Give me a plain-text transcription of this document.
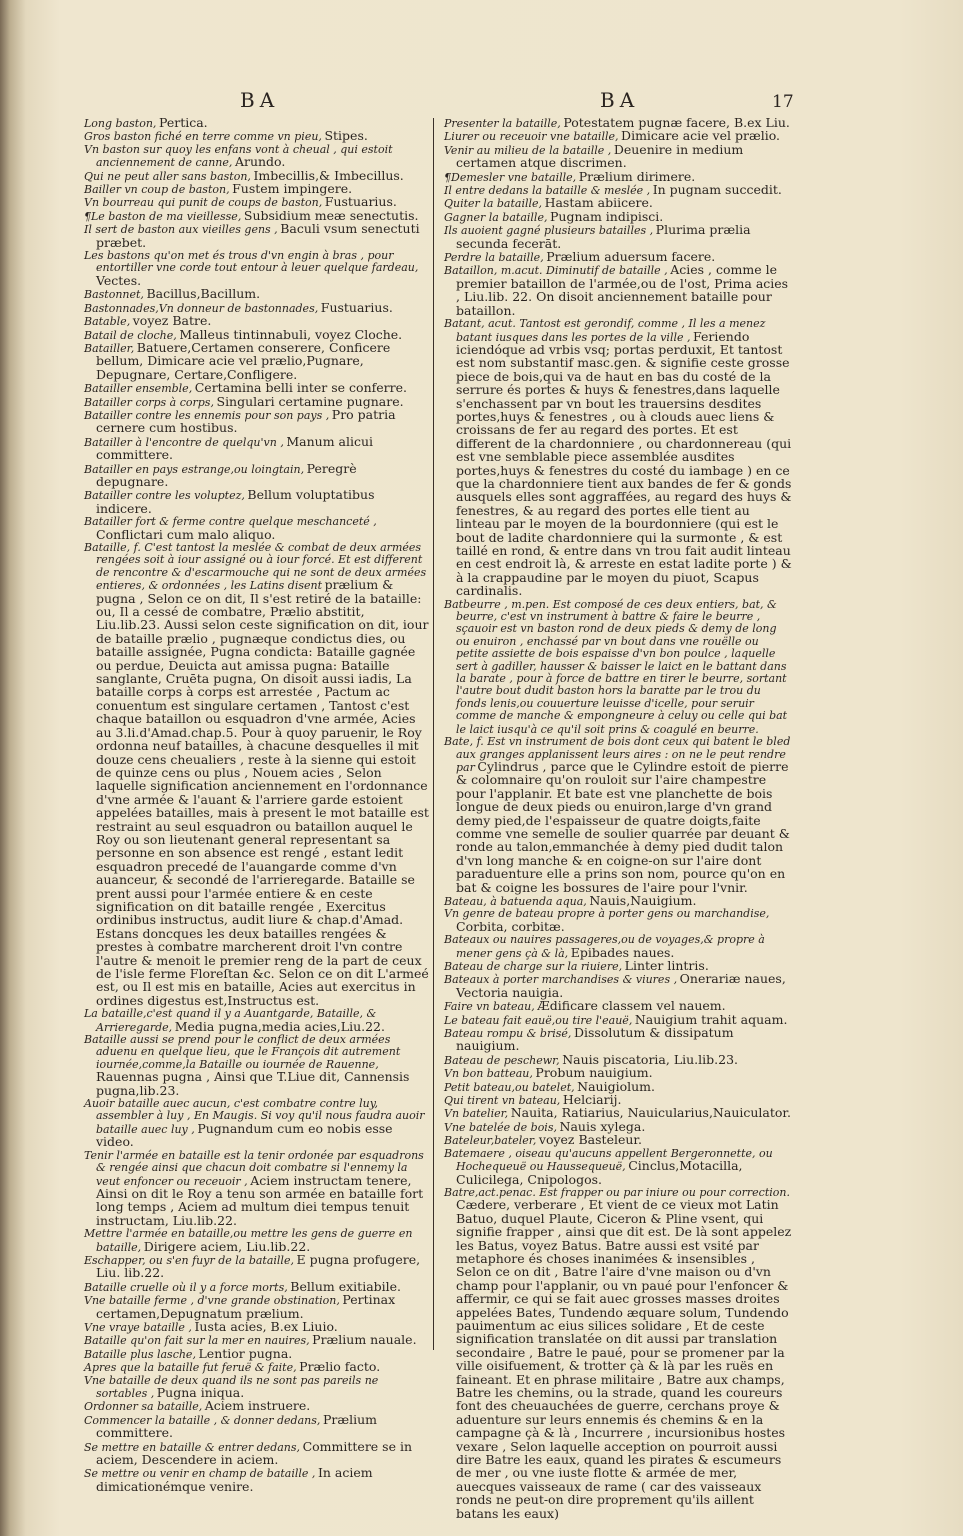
BA	BA	17

Long baston, Pertica.

Gros baston fiché en terre comme vn pieu, Stipes.

Vn baston sur quoy les enfans vont à cheual , qui estoit anciennement de canne, Arundo.

Qui ne peut aller sans baston, Imbecillis,& Imbecillus.

Bailler vn coup de baston, Fustem impingere.

Vn bourreau qui punit de coups de baston, Fustuarius.

¶Le baston de ma vieillesse, Subsidium meæ senectutis.

Il sert de baston aux vieilles gens , Baculi vsum senectuti præbet.

Les bastons qu'on met és trous d'vn engin à bras , pour entortiller vne corde tout entour à leuer quelque fardeau, Vectes.

Bastonnet, Bacillus,Bacillum.

Bastonnades,Vn donneur de bastonnades, Fustuarius.

Batable, voyez Batre.

Batail de cloche, Malleus tintinnabuli, voyez Cloche.

Batailler, Batuere,Certamen conserere, Conficere bellum, Dimicare acie vel prælio,Pugnare, Depugnare, Certare,Confligere.

Batailler ensemble, Certamina belli inter se conferre.

Batailler corps à corps, Singulari certamine pugnare.

Batailler contre les ennemis pour son pays , Pro patria cernere cum hostibus.

Batailler à l'encontre de quelqu'vn , Manum alicui committere.

Batailler en pays estrange,ou loingtain, Peregrè depugnare.

Batailler contre les voluptez, Bellum voluptatibus indicere.

Batailler fort & ferme contre quelque meschanceté , Conflictari cum malo aliquo.

Bataille, f. C'est tantost la meslée & combat de deux armées rengées soit à iour assigné ou à iour forcé. Et est different de rencontre & d'escarmouche qui ne sont de deux armées entieres, & ordonnées , les Latins disent prælium & pugna , Selon ce on dit, Il s'est retiré de la bataille: ou, Il a cessé de combatre, Prælio abstitit, Liu.lib.23. Aussi selon ceste signification on dit, iour de bataille prælio , pugnæque condictus dies, ou bataille assignée, Pugna condicta: Bataille gagnée ou perdue, Deuicta aut amissa pugna: Bataille sanglante, Cruēta pugna, On disoit aussi iadis, La bataille corps à corps est arrestée , Pactum ac conuentum est singulare certamen , Tantost c'est chaque bataillon ou esquadron d'vne armée, Acies au 3.li.d'Amad.chap.5. Pour à quoy paruenir, le Roy ordonna neuf batailles, à chacune desquelles il mit douze cens cheualiers , reste à la sienne qui estoit de quinze cens ou plus , Nouem acies , Selon laquelle signification anciennement en l'ordonnance d'vne armée & l'auant & l'arriere garde estoient appelées batailles, mais à present le mot bataille est restraint au seul esquadron ou bataillon auquel le Roy ou son lieutenant general representant sa personne en son absence est rengé , estant ledit esquadron precedé de l'auangarde comme d'vn auanceur, & secondé de l'arrieregarde. Bataille se prent aussi pour l'armée entiere & en ceste signification on dit bataille rengée , Exercitus ordinibus instructus, audit liure & chap.d'Amad. Estans doncques les deux batailles rengées & prestes à combatre marcherent droit l'vn contre l'autre & menoit le premier reng de la part de ceux de l'isle ferme Floreſtan &c. Selon ce on dit L'armeé est, ou Il est mis en bataille, Acies aut exercitus in ordines digestus est,Instructus est.

La bataille,c'est quand il y a Auantgarde, Bataille, & Arrieregarde, Media pugna,media acies,Liu.22.

Bataille aussi se prend pour le conflict de deux armées aduenu en quelque lieu, que le François dit autrement iournée,comme,la Bataille ou iournée de Rauenne, Rauennas pugna , Ainsi que T.Liue dit, Cannensis pugna,lib.23.

Auoir bataille auec aucun, c'est combatre contre luy, assembler à luy , En Maugis. Si voy qu'il nous faudra auoir bataille auec luy , Pugnandum cum eo nobis esse video.

Tenir l'armée en bataille est la tenir ordonée par esquadrons & rengée ainsi que chacun doit combatre si l'ennemy la veut enfoncer ou receuoir , Aciem instructam tenere, Ainsi on dit le Roy a tenu son armée en bataille fort long temps , Aciem ad multum diei tempus tenuit instructam, Liu.lib.22.

Mettre l'armée en bataille,ou mettre les gens de guerre en bataille, Dirigere aciem, Liu.lib.22.

Eschapper, ou s'en fuyr de la bataille, E pugna profugere, Liu. lib.22.

Bataille cruelle où il y a force morts, Bellum exitiabile.

Vne bataille ferme , d'vne grande obstination, Pertinax certamen,Depugnatum prælium.

Vne vraye bataille , Iusta acies, B.ex Liuio.

Bataille qu'on fait sur la mer en nauires, Prælium nauale.

Bataille plus lasche, Lentior pugna.

Apres que la bataille fut feruë & faite, Prælio facto.

Vne bataille de deux quand ils ne sont pas pareils ne sortables , Pugna iniqua.

Ordonner sa bataille, Aciem instruere.

Commencer la bataille , & donner dedans, Prælium committere.

Se mettre en bataille & entrer dedans, Committere se in aciem, Descendere in aciem.

Se mettre ou venir en champ de bataille , In aciem dimicationémque venire.

Presenter la bataille, Potestatem pugnæ facere, B.ex Liu.

Liurer ou receuoir vne bataille, Dimicare acie vel prælio.

Venir au milieu de la bataille , Deuenire in medium certamen atque discrimen.

¶Demesler vne bataille, Prælium dirimere.

Il entre dedans la bataille & meslée , In pugnam succedit.

Quiter la bataille, Hastam abiicere.

Gagner la bataille, Pugnam indipisci.

Ils auoient gagné plusieurs batailles , Plurima prælia secunda fecerāt.

Perdre la bataille, Prælium aduersum facere.

Bataillon, m.acut. Diminutif de bataille , Acies , comme le premier bataillon de l'armée,ou de l'ost, Prima acies , Liu.lib. 22. On disoit anciennement bataille pour bataillon.

Batant, acut. Tantost est gerondif, comme , Il les a menez batant iusques dans les portes de la ville , Feriendo iciendóque ad vrbis vsq; portas perduxit, Et tantost est nom substantif masc.gen. & signifie ceste grosse piece de bois,qui va de haut en bas du costé de la serrure és portes & huys & fenestres,dans laquelle s'enchassent par vn bout les trauersins desdites portes,huys & fenestres , ou à clouds auec liens & croissans de fer au regard des portes. Et est different de la chardonniere , ou chardonnereau (qui est vne semblable piece assemblée ausdites portes,huys & fenestres du costé du iambage ) en ce que la chardonniere tient aux bandes de fer & gonds ausquels elles sont aggraffées, au regard des huys & fenestres, & au regard des portes elle tient au linteau par le moyen de la bourdonniere (qui est le bout de ladite chardonniere qui la surmonte , & est taillé en rond, & entre dans vn trou fait audit linteau en cest endroit là, & arreste en estat ladite porte ) & à la crappaudine par le moyen du piuot, Scapus cardinalis.

Batbeurre , m.pen. Est composé de ces deux entiers, bat, & beurre, c'est vn instrument à battre & faire le beurre , sçauoir est vn baston rond de deux pieds & demy de long ou enuiron , enchassé par vn bout dans vne rouëlle ou petite assiette de bois espaisse d'vn bon poulce , laquelle sert à gadiller, hausser & baisser le laict en le battant dans la barate , pour à force de battre en tirer le beurre, sortant l'autre bout dudit baston hors la baratte par le trou du fonds lenis,ou couuerture leuisse d'icelle, pour seruir comme de manche & empongneure à celuy ou celle qui bat le laict iusqu'à ce qu'il soit prins & coagulé en beurre.

Bate, f. Est vn instrument de bois dont ceux qui batent le bled aux granges applanissent leurs aires : on ne le peut rendre par Cylindrus , parce que le Cylindre estoit de pierre & colomnaire qu'on rouloit sur l'aire champestre pour l'applanir. Et bate est vne planchette de bois longue de deux pieds ou enuiron,large d'vn grand demy pied,de l'espaisseur de quatre doigts,faite comme vne semelle de soulier quarrée par deuant & ronde au talon,emmanchée à demy pied dudit talon d'vn long manche & en coigne-on sur l'aire dont paraduenture elle a prins son nom, pource qu'on en bat & coigne les bossures de l'aire pour l'vnir.

Bateau, à batuenda aqua, Nauis,Nauigium.

Vn genre de bateau propre à porter gens ou marchandise, Corbita, corbitæ.

Bateaux ou nauires passageres,ou de voyages,& propre à mener gens çà & là, Epibades naues.

Bateau de charge sur la riuiere, Linter lintris.

Bateaux à porter marchandises & viures , Onerariæ naues, Vectoria nauigia.

Faire vn bateau, Ædificare classem vel nauem.

Le bateau fait eauë,ou tire l'eauë, Nauigium trahit aquam.

Bateau rompu & brisé, Dissolutum & dissipatum nauigium.

Bateau de peschewr, Nauis piscatoria, Liu.lib.23.

Vn bon batteau, Probum nauigium.

Petit bateau,ou batelet, Nauigiolum.

Qui tirent vn bateau, Helciarij.

Vn batelier, Nauita, Ratiarius, Nauicularius,Nauiculator.

Vne batelée de bois, Nauis xylega.

Bateleur,bateler, voyez Basteleur.

Batemaere , oiseau qu'aucuns appellent Bergeronnette, ou Hochequeuë ou Haussequeuë, Cinclus,Motacilla, Culicilega, Cnipologos.

Batre,act.penac. Est frapper ou par iniure ou pour correction. Cædere, verberare , Et vient de ce vieux mot Latin Batuo, duquel Plaute, Ciceron & Pline vsent, qui signifie frapper , ainsi que dit est. De là sont appelez les Batus, voyez Batus. Batre aussi est vsité par metaphore és choses inanimées & insensibles , Selon ce on dit , Batre l'aire d'vne maison ou d'vn champ pour l'applanir, ou vn paué pour l'enfoncer & affermir, ce qui se fait auec grosses masses droites appelées Bates, Tundendo æquare solum, Tundendo pauimentum ac eius silices solidare , Et de ceste signification translatée on dit aussi par translation secondaire , Batre le paué, pour se promener par la ville oisifuement, & trotter çà & là par les ruës en faineant. Et en phrase militaire , Batre aux champs, Batre les chemins, ou la strade, quand les coureurs font des cheuauchées de guerre, cerchans proye & aduenture sur leurs ennemis és chemins & en la campagne çà & là , Incurrere , incursionibus hostes vexare , Selon laquelle acception on pourroit aussi dire Batre les eaux, quand les pirates & escumeurs de mer , ou vne iuste flotte & armée de mer, auecques vaisseaux de rame ( car des vaisseaux ronds ne peut-on dire proprement qu'ils aillent batans les eaux)
